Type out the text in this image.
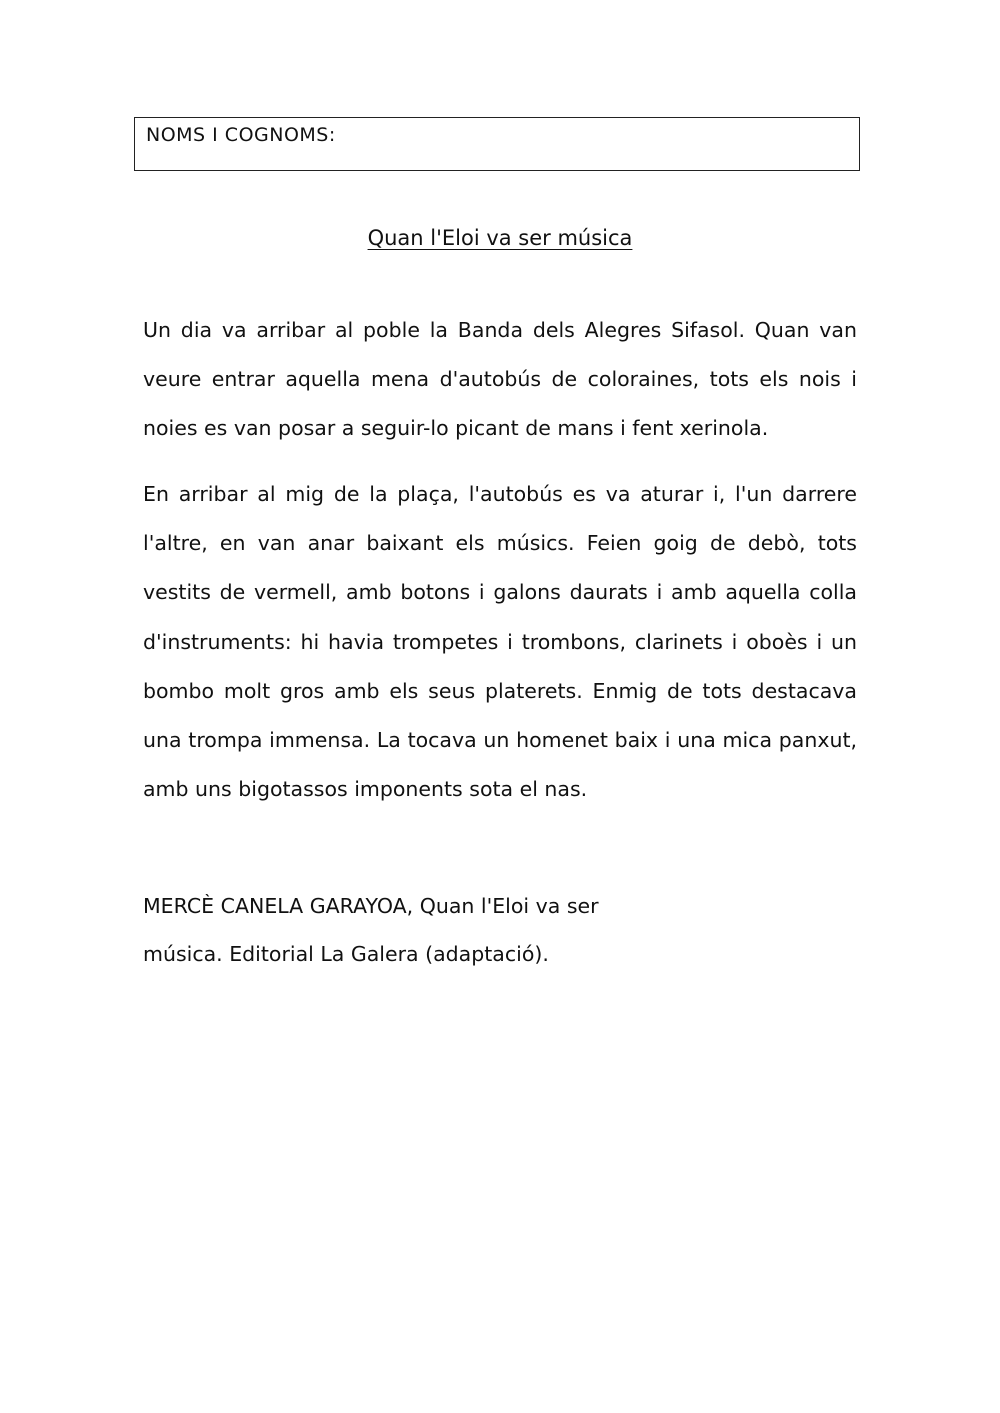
NOMS I COGNOMS:
Quan l'Eloi va ser música

Un dia va arribar al poble la Banda dels Alegres Sifasol. Quan van veure entrar aquella mena d'autobús de coloraines, tots els nois i noies es van posar a seguir-lo picant de mans i fent xerinola.

En arribar al mig de la plaça, l'autobús es va aturar i, l'un darrere l'altre, en van anar baixant els músics. Feien goig de debò, tots vestits de vermell, amb botons i galons daurats i amb aquella colla d'instruments: hi havia trompetes i trombons, clarinets i oboès i un bombo molt gros amb els seus platerets. Enmig de tots destacava una trompa immensa. La tocava un homenet baix i una mica panxut, amb uns bigotassos imponents sota el nas.

MERCÈ CANELA GARAYOA, Quan l'Eloi va ser
música. Editorial La Galera (adaptació).
